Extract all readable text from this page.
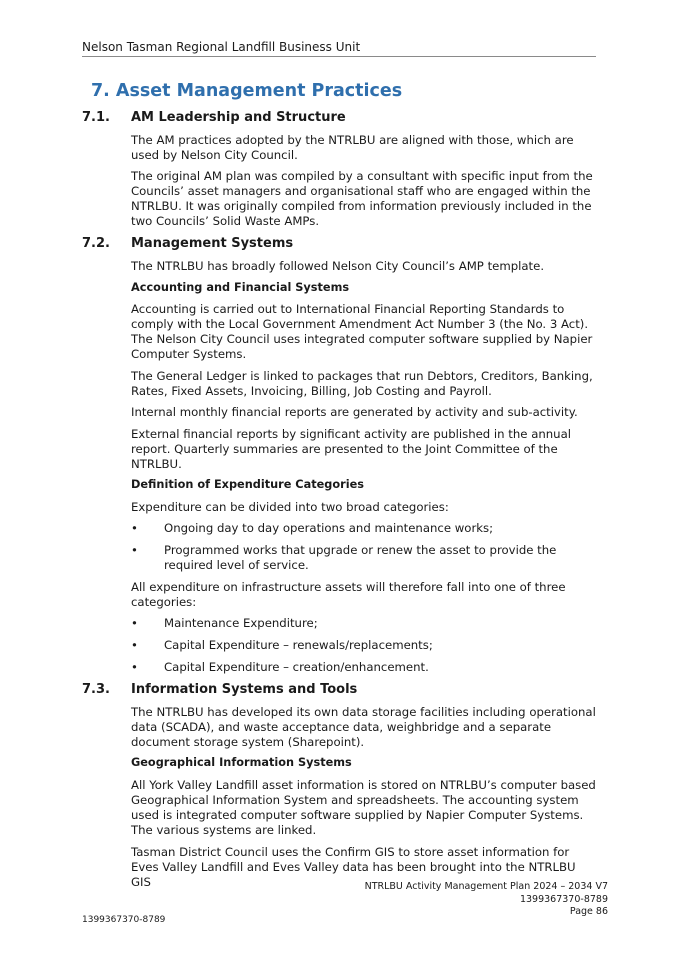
Nelson Tasman Regional Landfill Business Unit
7. Asset Management Practices
7.1. AM Leadership and Structure
The AM practices adopted by the NTRLBU are aligned with those, which are used by Nelson City Council.
The original AM plan was compiled by a consultant with specific input from the Councils’ asset managers and organisational staff who are engaged within the NTRLBU. It was originally compiled from information previously included in the two Councils’ Solid Waste AMPs.
7.2. Management Systems
The NTRLBU has broadly followed Nelson City Council’s AMP template.
Accounting and Financial Systems
Accounting is carried out to International Financial Reporting Standards to comply with the Local Government Amendment Act Number 3 (the No. 3 Act). The Nelson City Council uses integrated computer software supplied by Napier Computer Systems.
The General Ledger is linked to packages that run Debtors, Creditors, Banking, Rates, Fixed Assets, Invoicing, Billing, Job Costing and Payroll.
Internal monthly financial reports are generated by activity and sub-activity.
External financial reports by significant activity are published in the annual report. Quarterly summaries are presented to the Joint Committee of the NTRLBU.
Definition of Expenditure Categories
Expenditure can be divided into two broad categories:
• Ongoing day to day operations and maintenance works;
• Programmed works that upgrade or renew the asset to provide the required level of service.
All expenditure on infrastructure assets will therefore fall into one of three categories:
• Maintenance Expenditure;
• Capital Expenditure – renewals/replacements;
• Capital Expenditure – creation/enhancement.
7.3. Information Systems and Tools
The NTRLBU has developed its own data storage facilities including operational data (SCADA), and waste acceptance data, weighbridge and a separate document storage system (Sharepoint).
Geographical Information Systems
All York Valley Landfill asset information is stored on NTRLBU’s computer based Geographical Information System and spreadsheets. The accounting system used is integrated computer software supplied by Napier Computer Systems. The various systems are linked.
Tasman District Council uses the Confirm GIS to store asset information for Eves Valley Landfill and Eves Valley data has been brought into the NTRLBU GIS	NTRLBU Activity Management Plan 2024 – 2034 V7
1399367370-8789
Page 86
1399367370-8789
